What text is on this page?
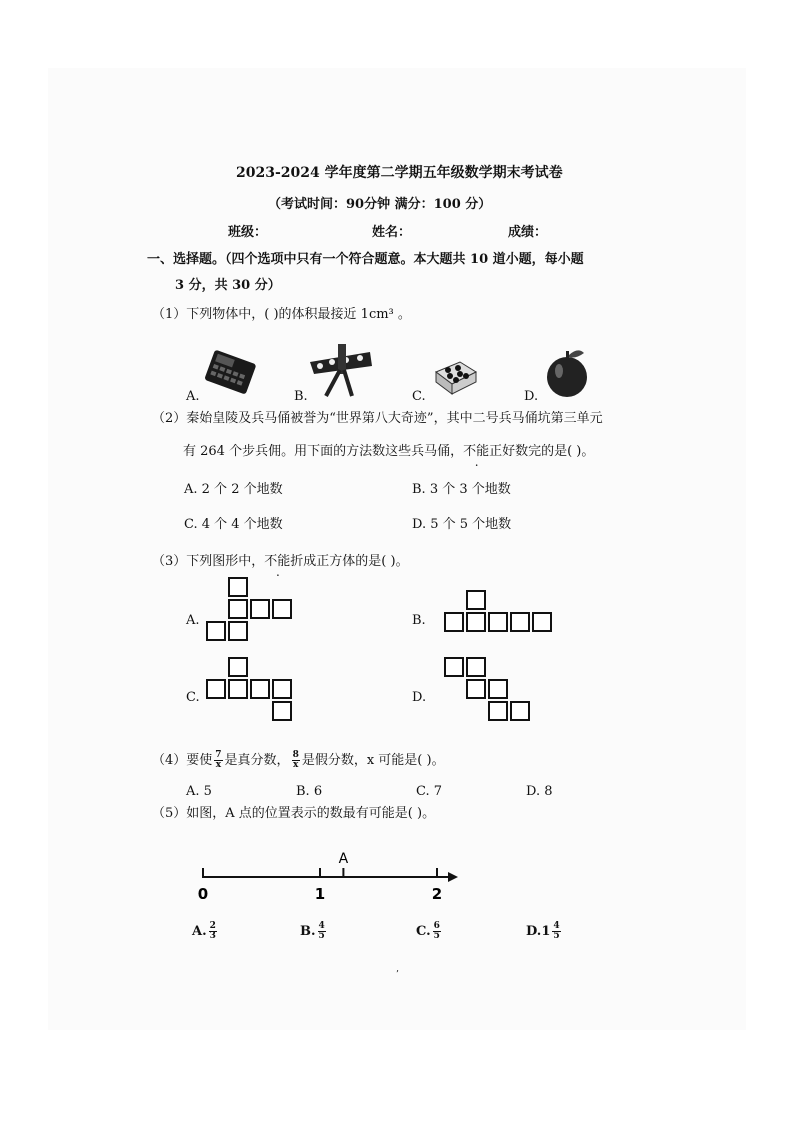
2023-2024 学年度第二学期五年级数学期末考试卷
（考试时间：90分钟 满分：100 分）
班级：	姓名：	成绩：
一、选择题。（四个选项中只有一个符合题意。本大题共 10 道小题，每小题
3 分，共 30 分）
（1）下列物体中，( )的体积最接近 1cm³ 。
A.	B.	C.	D.
（2）秦始皇陵及兵马俑被誉为“世界第八大奇迹”，其中二号兵马俑坑第三单元
有 264 个步兵佣。用下面的方法数这些兵马俑，不能正好数完的是( )。
A. 2 个 2 个地数	B. 3 个 3 个地数
C. 4 个 4 个地数	D. 5 个 5 个地数
（3）下列图形中，不能折成正方体的是( )。
A.	B.
C.	D.
（4）要使 $\frac{7}{x}$ 是真分数， $\frac{8}{x}$ 是假分数，x 可能是( )。
A. 5	B. 6	C. 7	D. 8
（5）如图，A 点的位置表示的数最有可能是( )。
0	1	2
A
A. $\frac{2}{3}$	B. $\frac{4}{5}$	C. $\frac{6}{5}$	$D.1 \frac{4}{5}$
’
